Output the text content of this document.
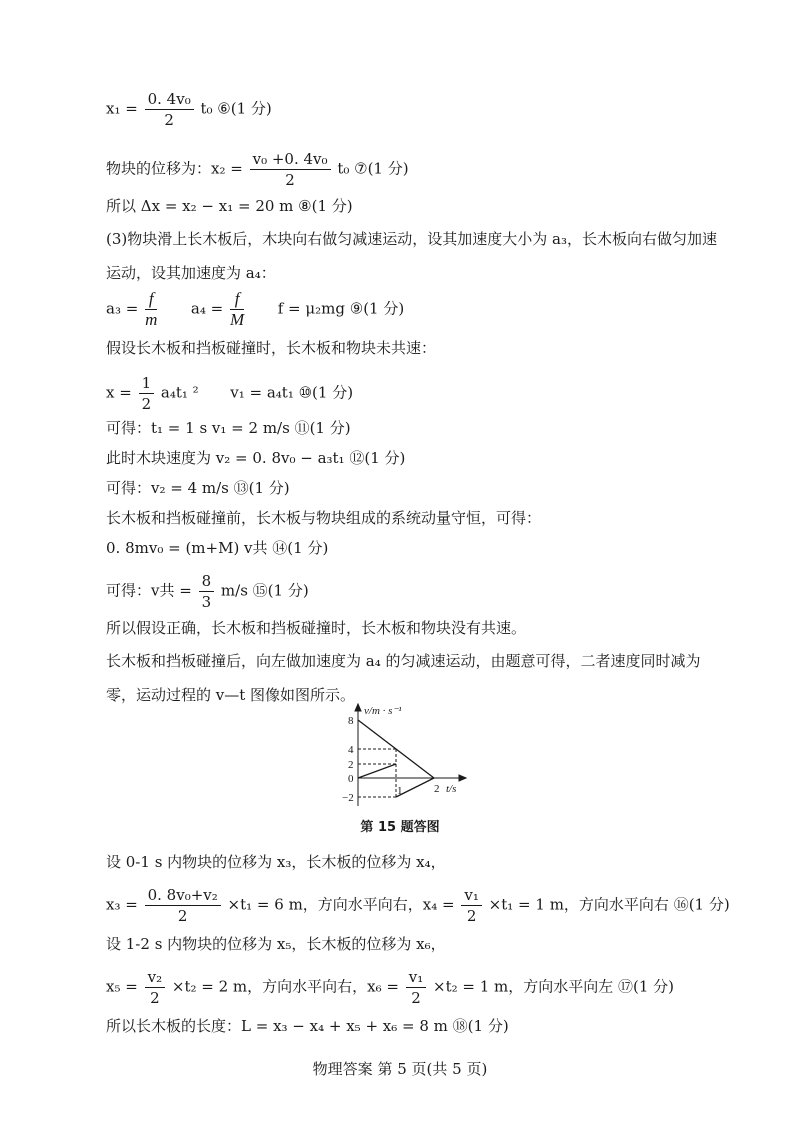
$x_1 = \frac{\text{0. 4v₀}}{2} t_0$ ⑥(1 分)
物块的位移为：$x_2 = \frac{\text{v₀ +0. 4v₀}}{2} t_0$ ⑦(1 分)
所以 Δx = x₂ − x₁ = 20 m ⑧(1 分)
(3)物块滑上长木板后，木块向右做匀减速运动，设其加速度大小为 a₃，长木板向右做匀加速运动，设其加速度为 a₄：
$a_3 = \frac{f}{m} a_4 = \frac{f}{M}$ f = μ₂mg ⑨(1 分)
假设长木板和挡板碰撞时，长木板和物块未共速：
$x = \frac{1}{2} a_4t_1$ ² v₁ = a₄t₁ ⑩(1 分)
可得：t₁ = 1 s v₁ = 2 m/s ⑪(1 分)
此时木块速度为 v₂ = 0. 8v₀ − a₃t₁ ⑫(1 分)
可得：v₂ = 4 m/s ⑬(1 分)
长木板和挡板碰撞前，长木板与物块组成的系统动量守恒，可得：
0. 8mv₀ = (m+M) v共 ⑭(1 分)
可得：v共 = $\frac{8}{3} m/s$ ⑮(1 分)
所以假设正确，长木板和挡板碰撞时，长木板和物块没有共速。
长木板和挡板碰撞后，向左做加速度为 a₄ 的匀减速运动，由题意可得，二者速度同时减为零，运动过程的 v—t 图像如图所示。
v/m · s⁻¹
8
4
2
0
−2
1	2 t/s
第 15 题答图
设 0-1 s 内物块的位移为 x₃，长木板的位移为 x₄，
$x_3 = \frac{\text{0. 8v₀+v₂}}{2} \times t_1 = 6$ m，方向水平向右，$x_4 = \frac{\text{v₁}}{2} \times t_1 = 1$ m，方向水平向右 ⑯(1 分)
设 1-2 s 内物块的位移为 x₅，长木板的位移为 x₆，
$x_5 = \frac{\text{v₂}}{2} \times t_2 = 2$ m，方向水平向右，$x_6 = \frac{\text{v₁}}{2} \times t_2 = 1$ m，方向水平向左 ⑰(1 分)
所以长木板的长度：L = x₃ − x₄ + x₅ + x₆ = 8 m ⑱(1 分)
物理答案 第 5 页(共 5 页)
